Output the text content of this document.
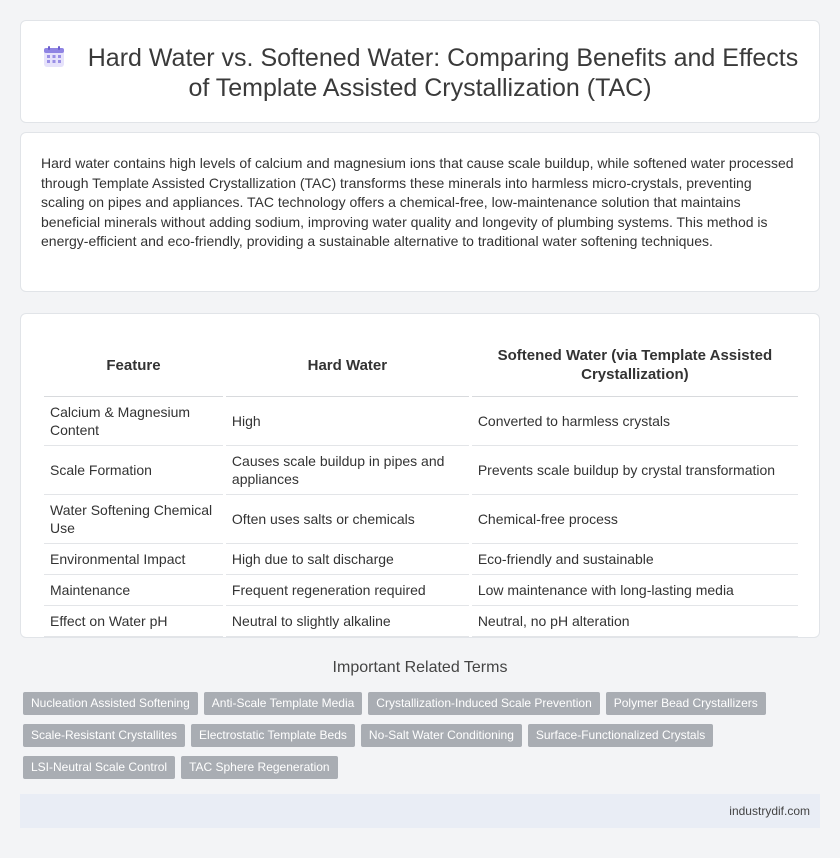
Hard Water vs. Softened Water: Comparing Benefits and Effects of Template Assisted Crystallization (TAC)

Hard water contains high levels of calcium and magnesium ions that cause scale buildup, while softened water processed through Template Assisted Crystallization (TAC) transforms these minerals into harmless micro-crystals, preventing scaling on pipes and appliances. TAC technology offers a chemical-free, low-maintenance solution that maintains beneficial minerals without adding sodium, improving water quality and longevity of plumbing systems. This method is energy-efficient and eco-friendly, providing a sustainable alternative to traditional water softening techniques.

Feature	Hard Water	Softened Water (via Template Assisted Crystallization)
Calcium & Magnesium Content	High	Converted to harmless crystals
Scale Formation	Causes scale buildup in pipes and appliances	Prevents scale buildup by crystal transformation
Water Softening Chemical Use	Often uses salts or chemicals	Chemical-free process
Environmental Impact	High due to salt discharge	Eco-friendly and sustainable
Maintenance	Frequent regeneration required	Low maintenance with long-lasting media
Effect on Water pH	Neutral to slightly alkaline	Neutral, no pH alteration
Important Related Terms
Nucleation Assisted Softening Anti-Scale Template Media Crystallization-Induced Scale Prevention Polymer Bead CrystallizersScale-Resistant Crystallites Electrostatic Template Beds No-Salt Water Conditioning Surface-Functionalized CrystalsLSI-Neutral Scale Control TAC Sphere Regeneration
industrydif.com
